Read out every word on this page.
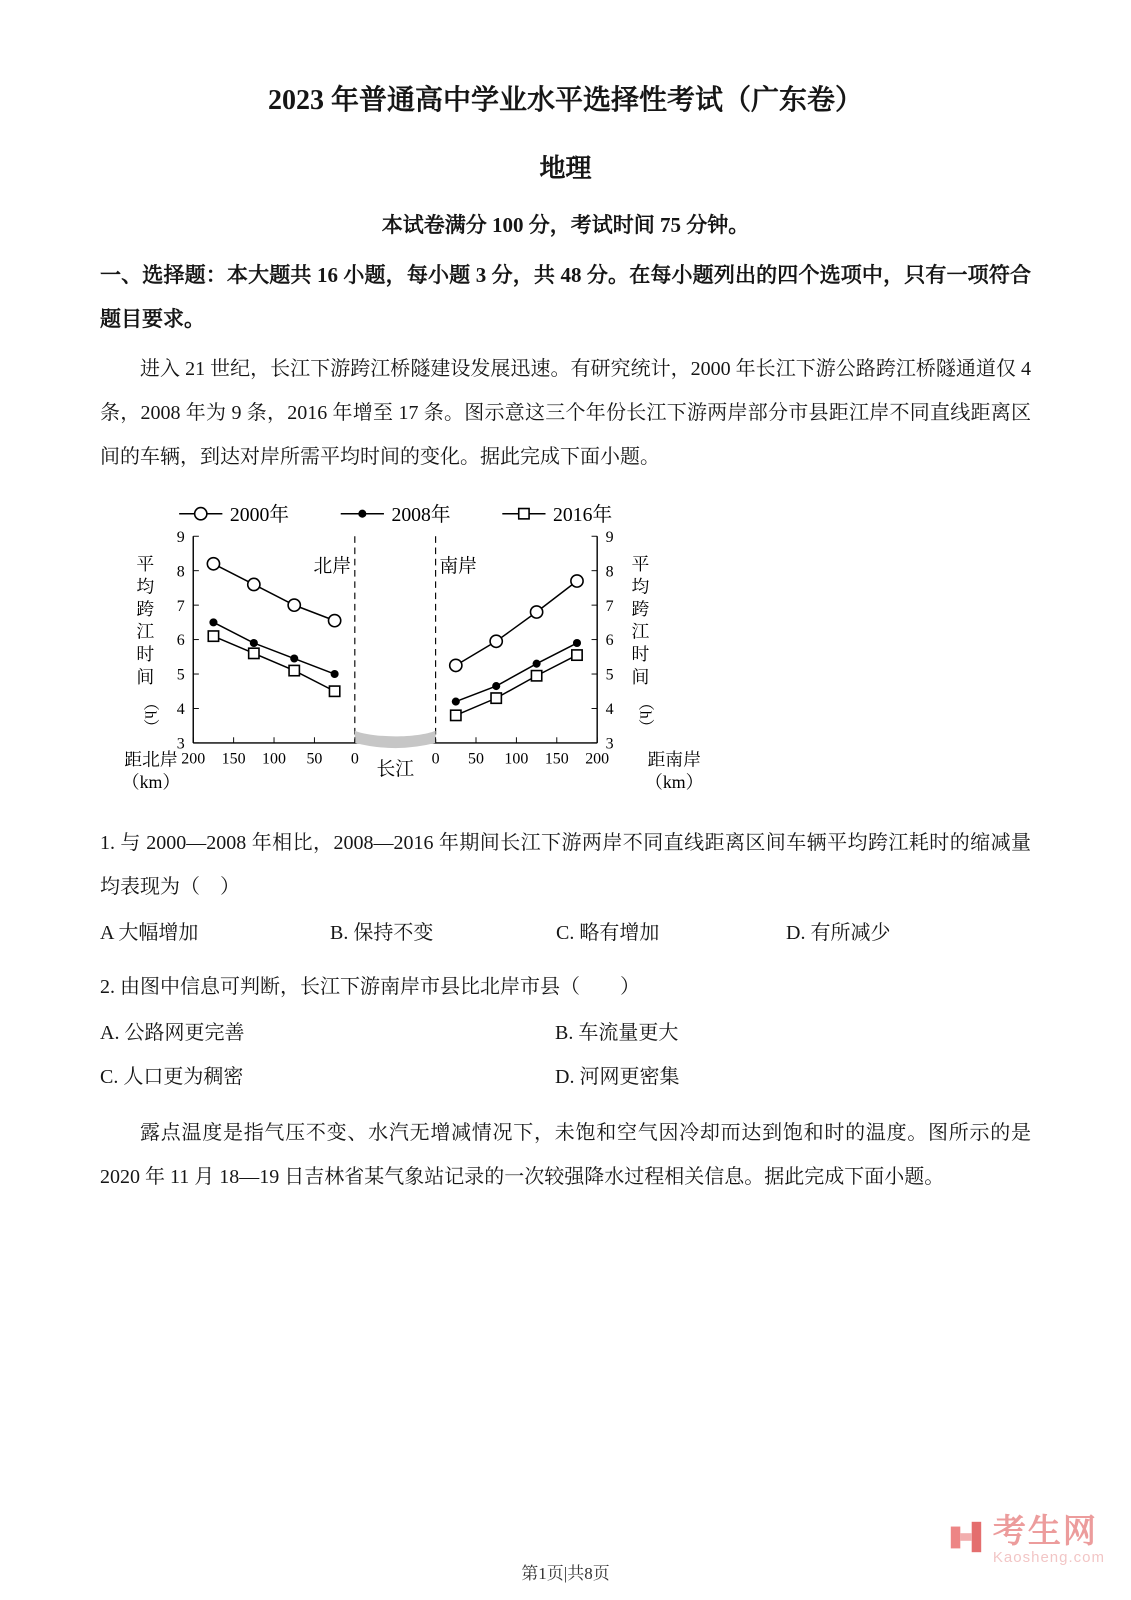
2023 年普通高中学业水平选择性考试（广东卷）
地理

本试卷满分 100 分，考试时间 75 分钟。

一、选择题：本大题共 16 小题，每小题 3 分，共 48 分。在每小题列出的四个选项中，只有一项符合题目要求。

进入 21 世纪，长江下游跨江桥隧建设发展迅速。有研究统计，2000 年长江下游公路跨江桥隧通道仅 4 条，2008 年为 9 条，2016 年增至 17 条。图示意这三个年份长江下游两岸部分市县距江岸不同直线距离区间的车辆，到达对岸所需平均时间的变化。据此完成下面小题。

2000年	2008年	2016年
9	9
8	8
7	7
6	6
5	5
4	4
3	3
200 150 100 50 0	0 50 100 150 200
北岸	南岸
长江
距北岸
（km）
距南岸
（km）
平
均
跨
江
时
间
（h）
平
均
跨
江
时
间
（h）

1. 与 2000—2008 年相比，2008—2016 年期间长江下游两岸不同直线距离区间车辆平均跨江耗时的缩减量均表现为（　）

A 大幅增加	B. 保持不变	C. 略有增加	D. 有所减少

2. 由图中信息可判断，长江下游南岸市县比北岸市县（　　）

A. 公路网更完善	B. 车流量更大
C. 人口更为稠密	D. 河网更密集

露点温度是指气压不变、水汽无增减情况下，未饱和空气因冷却而达到饱和时的温度。图所示的是 2020 年 11 月 18—19 日吉林省某气象站记录的一次较强降水过程相关信息。据此完成下面小题。

第1页|共8页
考生网
Kaosheng.com
